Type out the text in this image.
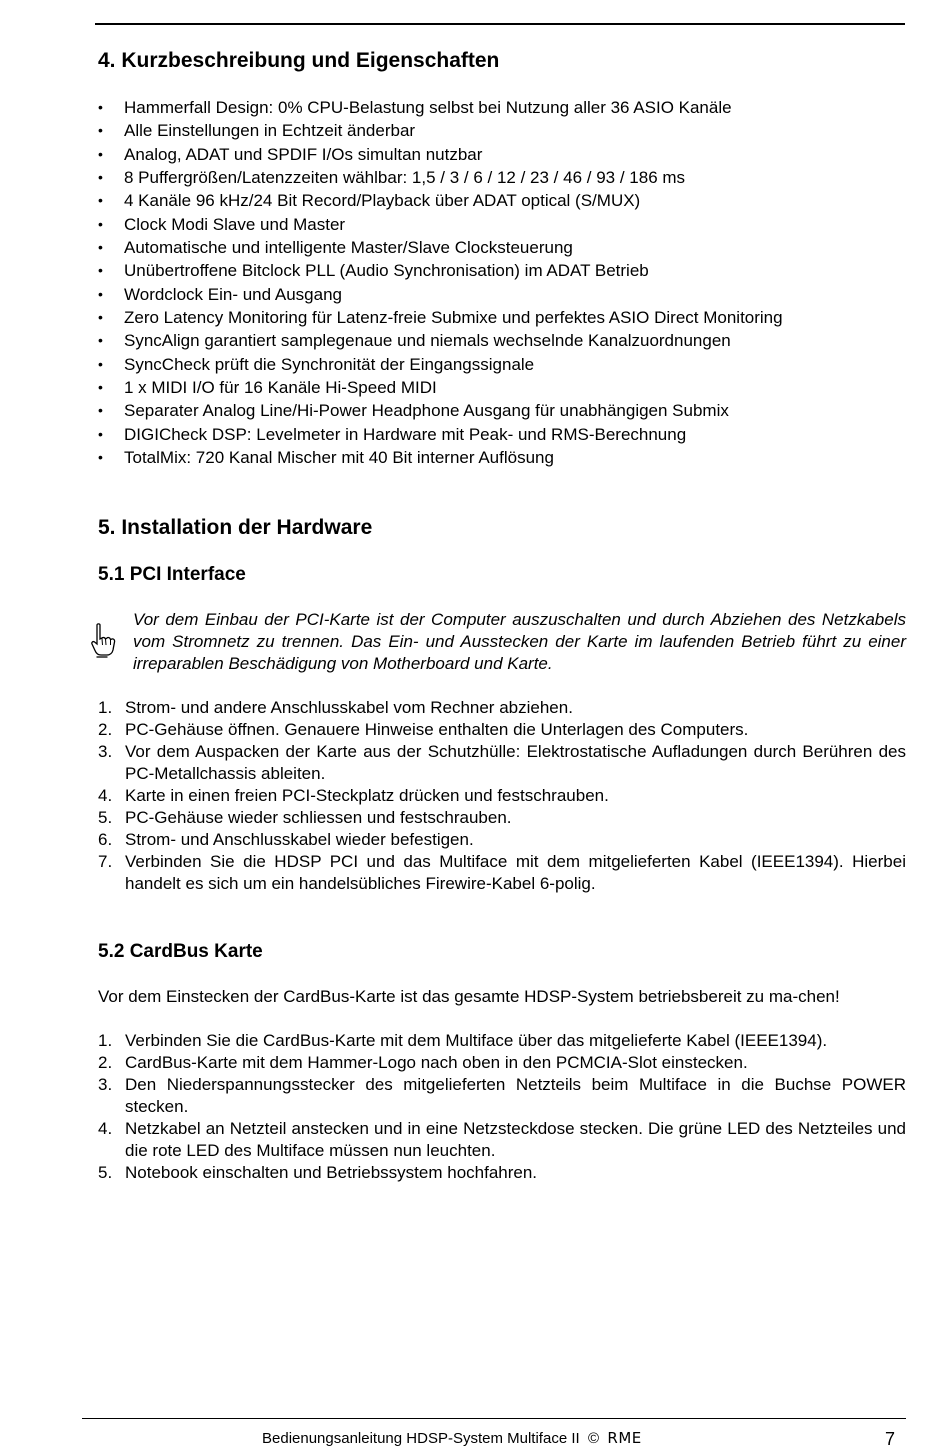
4. Kurzbeschreibung und Eigenschaften
• Hammerfall Design: 0% CPU-Belastung selbst bei Nutzung aller 36 ASIO Kanäle
• Alle Einstellungen in Echtzeit änderbar
• Analog, ADAT und SPDIF I/Os simultan nutzbar
• 8 Puffergrößen/Latenzzeiten wählbar: 1,5 / 3 / 6 / 12 / 23 / 46 / 93 / 186 ms
• 4 Kanäle 96 kHz/24 Bit Record/Playback über ADAT optical (S/MUX)
• Clock Modi Slave und Master
• Automatische und intelligente Master/Slave Clocksteuerung
• Unübertroffene Bitclock PLL (Audio Synchronisation) im ADAT Betrieb
• Wordclock Ein- und Ausgang
• Zero Latency Monitoring für Latenz-freie Submixe und perfektes ASIO Direct Monitoring
• SyncAlign garantiert samplegenaue und niemals wechselnde Kanalzuordnungen
• SyncCheck prüft die Synchronität der Eingangssignale
• 1 x MIDI I/O für 16 Kanäle Hi-Speed MIDI
• Separater Analog Line/Hi-Power Headphone Ausgang für unabhängigen Submix
• DIGICheck DSP: Levelmeter in Hardware mit Peak- und RMS-Berechnung
• TotalMix: 720 Kanal Mischer mit 40 Bit interner Auflösung
5. Installation der Hardware
5.1 PCI Interface
Vor dem Einbau der PCI-Karte ist der Computer auszuschalten und durch Abziehen des Netzkabels vom Stromnetz zu trennen. Das Ein- und Ausstecken der Karte im laufenden Betrieb führt zu einer irreparablen Beschädigung von Motherboard und Karte.
1. Strom- und andere Anschlusskabel vom Rechner abziehen.
2. PC-Gehäuse öffnen. Genauere Hinweise enthalten die Unterlagen des Computers.
3. Vor dem Auspacken der Karte aus der Schutzhülle: Elektrostatische Aufladungen durch Berühren des PC-Metallchassis ableiten.
4. Karte in einen freien PCI-Steckplatz drücken und festschrauben.
5. PC-Gehäuse wieder schliessen und festschrauben.
6. Strom- und Anschlusskabel wieder befestigen.
7. Verbinden Sie die HDSP PCI und das Multiface mit dem mitgelieferten Kabel (IEEE1394). Hierbei handelt es sich um ein handelsübliches Firewire-Kabel 6-polig.
5.2 CardBus Karte

Vor dem Einstecken der CardBus-Karte ist das gesamte HDSP-System betriebsbereit zu ma-chen!

1. Verbinden Sie die CardBus-Karte mit dem Multiface über das mitgelieferte Kabel (IEEE1394).
2. CardBus-Karte mit dem Hammer-Logo nach oben in den PCMCIA-Slot einstecken.
3. Den Niederspannungsstecker des mitgelieferten Netzteils beim Multiface in die Buchse POWER stecken.
4. Netzkabel an Netzteil anstecken und in eine Netzsteckdose stecken. Die grüne LED des Netzteiles und die rote LED des Multiface müssen nun leuchten.
5. Notebook einschalten und Betriebssystem hochfahren.
Bedienungsanleitung HDSP-System Multiface II  ©  RME	7
